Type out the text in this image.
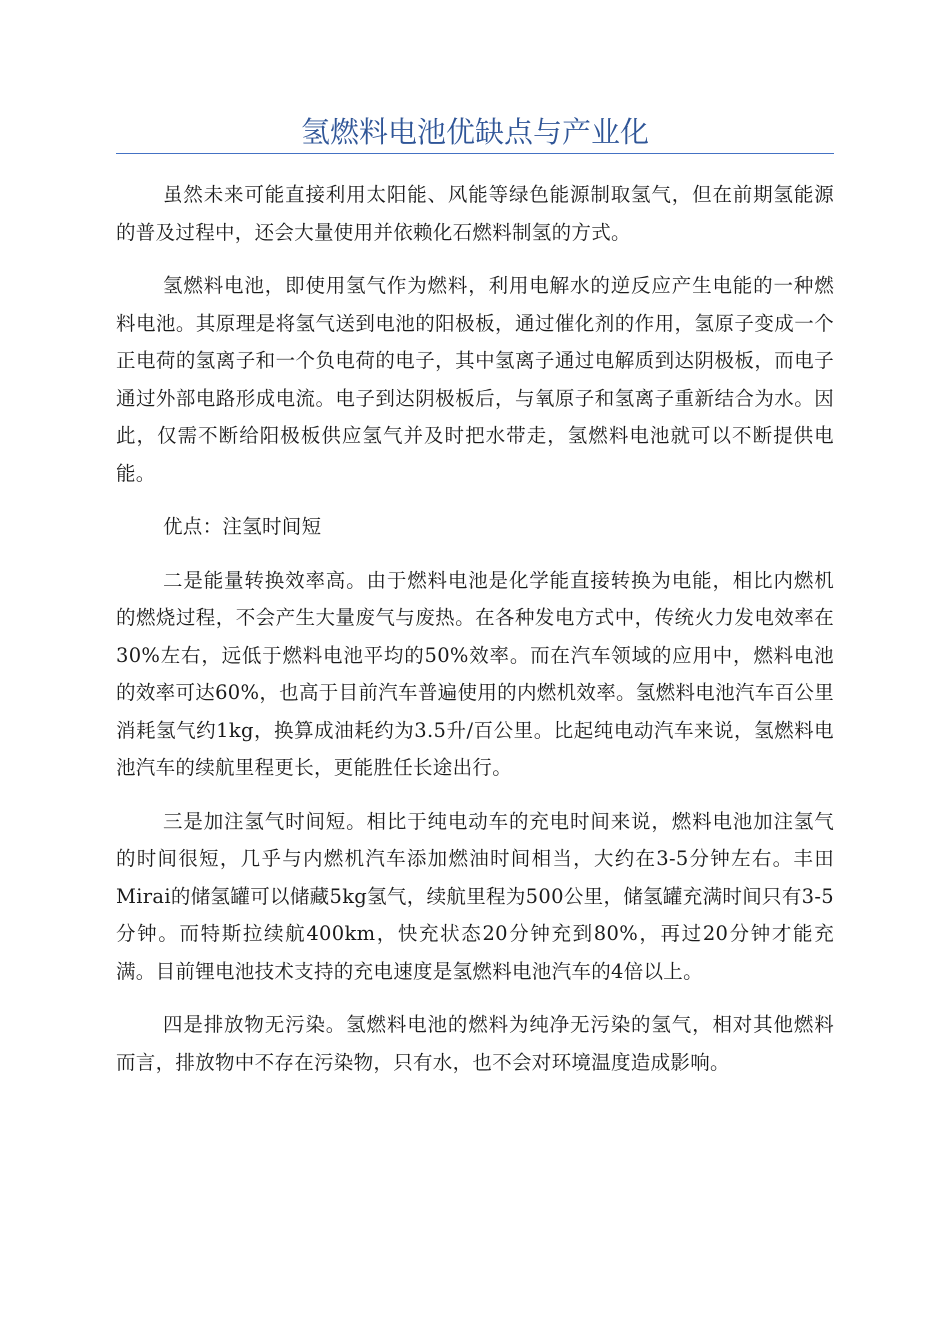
氢燃料电池优缺点与产业化

虽然未来可能直接利用太阳能、风能等绿色能源制取氢气，但在前期氢能源的普及过程中，还会大量使用并依赖化石燃料制氢的方式。

氢燃料电池，即使用氢气作为燃料，利用电解水的逆反应产生电能的一种燃料电池。其原理是将氢气送到电池的阳极板，通过催化剂的作用，氢原子变成一个正电荷的氢离子和一个负电荷的电子，其中氢离子通过电解质到达阴极板，而电子通过外部电路形成电流。电子到达阴极板后，与氧原子和氢离子重新结合为水。因此，仅需不断给阳极板供应氢气并及时把水带走，氢燃料电池就可以不断提供电能。

优点：注氢时间短

二是能量转换效率高。由于燃料电池是化学能直接转换为电能，相比内燃机的燃烧过程，不会产生大量废气与废热。在各种发电方式中，传统火力发电效率在30%左右，远低于燃料电池平均的50%效率。而在汽车领域的应用中，燃料电池的效率可达60%，也高于目前汽车普遍使用的内燃机效率。氢燃料电池汽车百公里消耗氢气约1kg，换算成油耗约为3.5升/百公里。比起纯电动汽车来说，氢燃料电池汽车的续航里程更长，更能胜任长途出行。

三是加注氢气时间短。相比于纯电动车的充电时间来说，燃料电池加注氢气的时间很短，几乎与内燃机汽车添加燃油时间相当，大约在3-5分钟左右。丰田Mirai的储氢罐可以储藏5kg氢气，续航里程为500公里，储氢罐充满时间只有3-5分钟。而特斯拉续航400km，快充状态20分钟充到80%，再过20分钟才能充满。目前锂电池技术支持的充电速度是氢燃料电池汽车的4倍以上。

四是排放物无污染。氢燃料电池的燃料为纯净无污染的氢气，相对其他燃料而言，排放物中不存在污染物，只有水，也不会对环境温度造成影响。
